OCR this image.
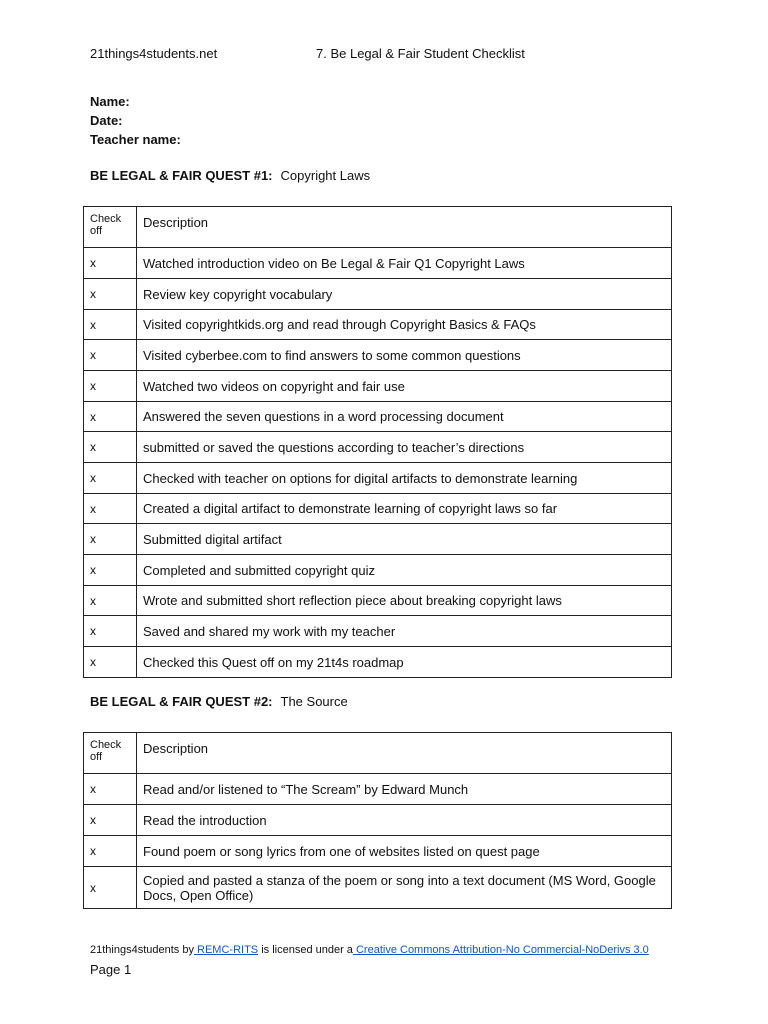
21things4students.net	7. Be Legal & Fair Student Checklist
Name:
Date:
Teacher name:
BE LEGAL & FAIR QUEST #1: Copyright Laws
Check off	Description
x	Watched introduction video on Be Legal & Fair Q1 Copyright Laws
x	Review key copyright vocabulary
x	Visited copyrightkids.org and read through Copyright Basics & FAQs
x	Visited cyberbee.com to find answers to some common questions
x	Watched two videos on copyright and fair use
x	Answered the seven questions in a word processing document
x	submitted or saved the questions according to teacher’s directions
x	Checked with teacher on options for digital artifacts to demonstrate learning
x	Created a digital artifact to demonstrate learning of copyright laws so far
x	Submitted digital artifact
x	Completed and submitted copyright quiz
x	Wrote and submitted short reflection piece about breaking copyright laws
x	Saved and shared my work with my teacher
x	Checked this Quest off on my 21t4s roadmap
BE LEGAL & FAIR QUEST #2: The Source
Check off	Description
x	Read and/or listened to “The Scream” by Edward Munch
x	Read the introduction
x	Found poem or song lyrics from one of websites listed on quest page
x	Copied and pasted a stanza of the poem or song into a text document (MS Word, Google Docs, Open Office)
21things4students by REMC-RITS is licensed under a Creative Commons Attribution-No Commercial-NoDerivs 3.0
Page 1
